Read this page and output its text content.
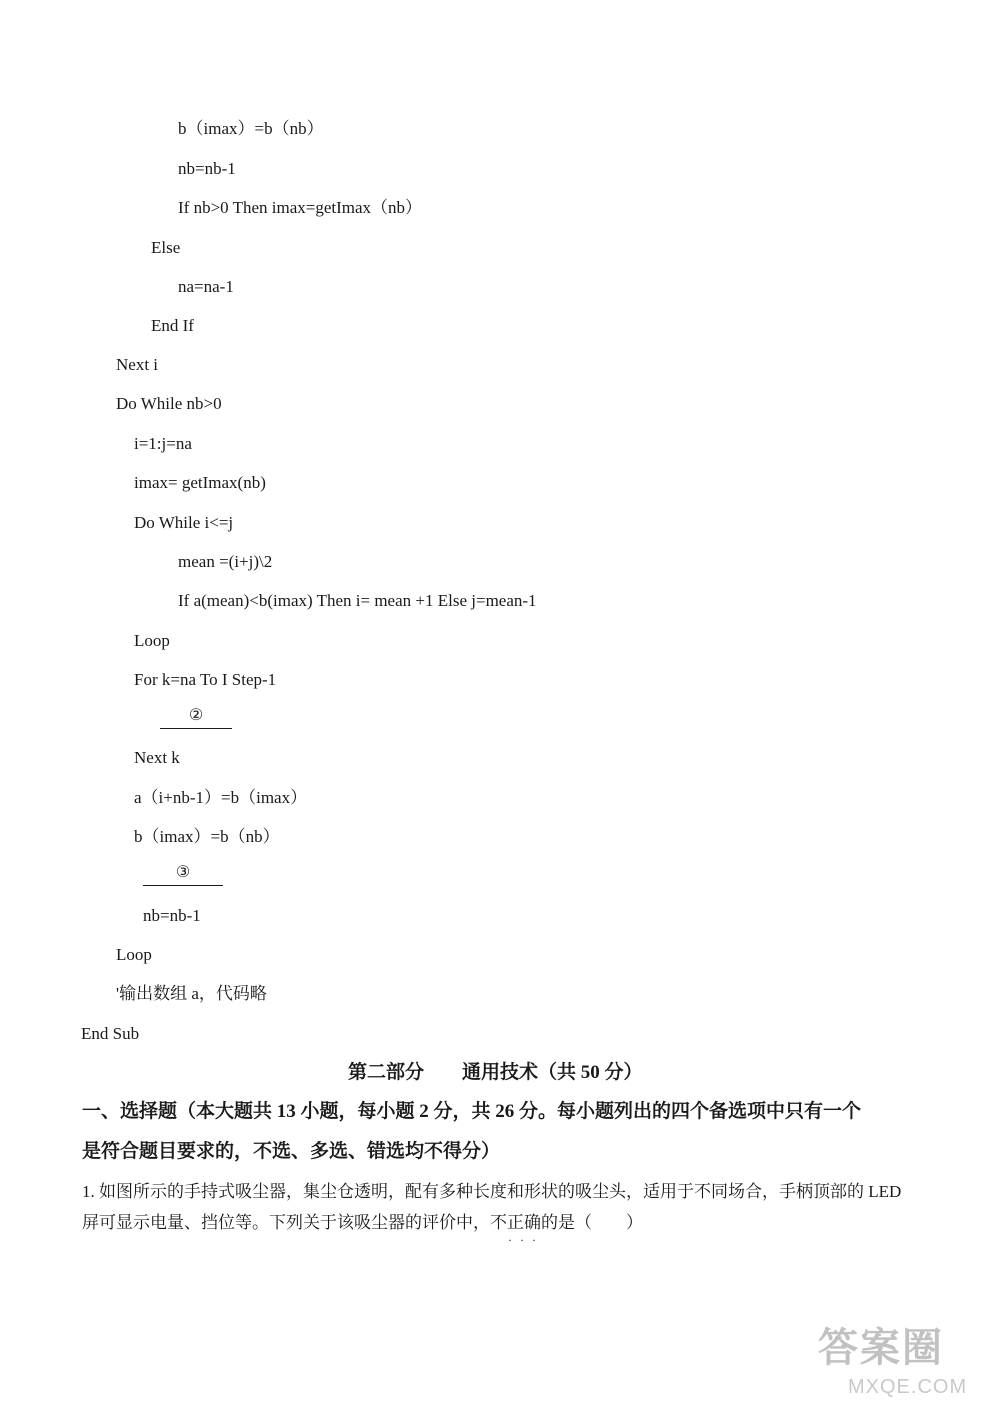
b（imax）=b（nb）
nb=nb-1
If nb>0 Then imax=getImax（nb）
Else
na=na-1
End If
Next i
Do While nb>0
i=1:j=na
imax= getImax(nb)
Do While i<=j
mean =(i+j)\2
If a(mean)<b(imax) Then i= mean +1 Else j=mean-1
Loop
For k=na To I Step-1
②
Next k
a（i+nb-1）=b（imax）
b（imax）=b（nb）
③
nb=nb-1
Loop
'输出数组 a，代码略
End Sub
第二部分　　通用技术（共 50 分）
一、选择题（本大题共 13 小题，每小题 2 分，共 26 分。每小题列出的四个备选项中只有一个
是符合题目要求的，不选、多选、错选均不得分）
1. 如图所示的手持式吸尘器，集尘仓透明，配有多种长度和形状的吸尘头，适用于不同场合，手柄顶部的 LED
屏可显示电量、挡位等。下列关于该吸尘器的评价中，不正确的是（　　）
···
答案圈
MXQE.COM
